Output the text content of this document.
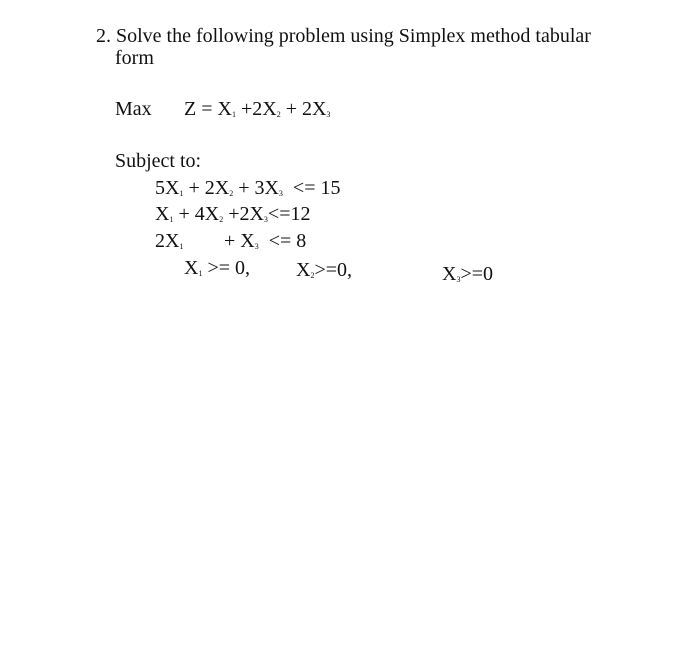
2. Solve the following problem using Simplex method tabular
form
Max Z = X1 +2X2 + 2X3
Subject to:
5X1 + 2X2 + 3X3  <= 15
X1 + 4X2 +2X3<=12

2X1

+ X3  <= 8

X1 >= 0, X2>=0,	X3>=0
